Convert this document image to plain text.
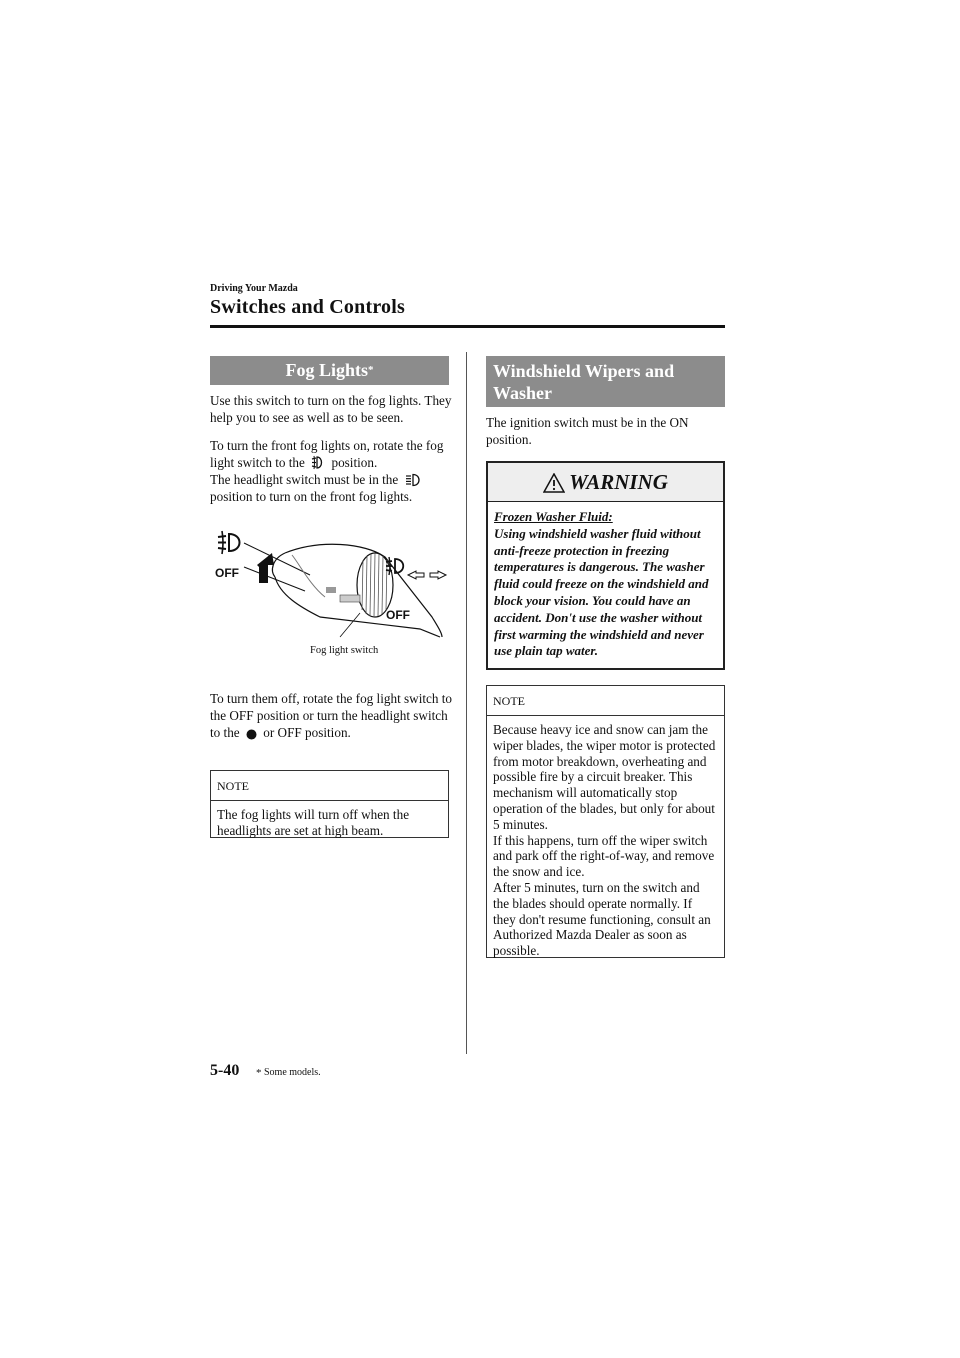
Driving Your Mazda
Switches and Controls
Fog Lights*
Use this switch to turn on the fog lights. They help you to see as well as to be seen.
To turn the front fog lights on, rotate the fog light switch to the position.
The headlight switch must be in the
position to turn on the front fog lights.
OFF
OFF
Fog light switch
To turn them off, rotate the fog light switch to the OFF position or turn the headlight switch to the or OFF position.
NOTE
The fog lights will turn off when the headlights are set at high beam.
Windshield Wipers and Washer
The ignition switch must be in the ON position.
WARNING
Frozen Washer Fluid:
Using windshield washer fluid without anti-freeze protection in freezing temperatures is dangerous. The washer fluid could freeze on the windshield and block your vision. You could have an accident. Don't use the washer without first warming the windshield and never use plain tap water.
NOTE
Because heavy ice and snow can jam the wiper blades, the wiper motor is protected from motor breakdown, overheating and possible fire by a circuit breaker. This mechanism will automatically stop operation of the blades, but only for about 5 minutes.
If this happens, turn off the wiper switch and park off the right-of-way, and remove the snow and ice.
After 5 minutes, turn on the switch and the blades should operate normally. If they don't resume functioning, consult an Authorized Mazda Dealer as soon as possible.
5-40 * Some models.
